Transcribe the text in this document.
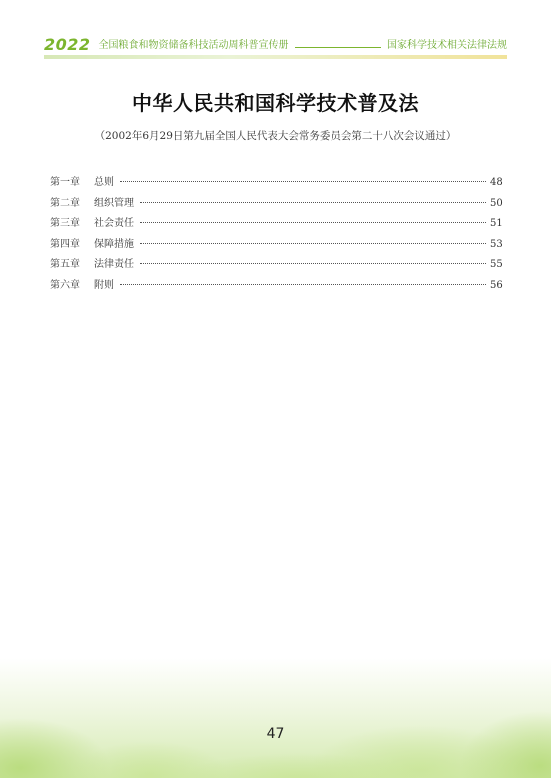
2022 全国粮食和物资储备科技活动周科普宣传册	国家科学技术相关法律法规
中华人民共和国科学技术普及法
（2002年6月29日第九届全国人民代表大会常务委员会第二十八次会议通过）
第一章	总则	48
第二章	组织管理	50
第三章	社会责任	51
第四章	保障措施	53
第五章	法律责任	55
第六章	附则	56
47
